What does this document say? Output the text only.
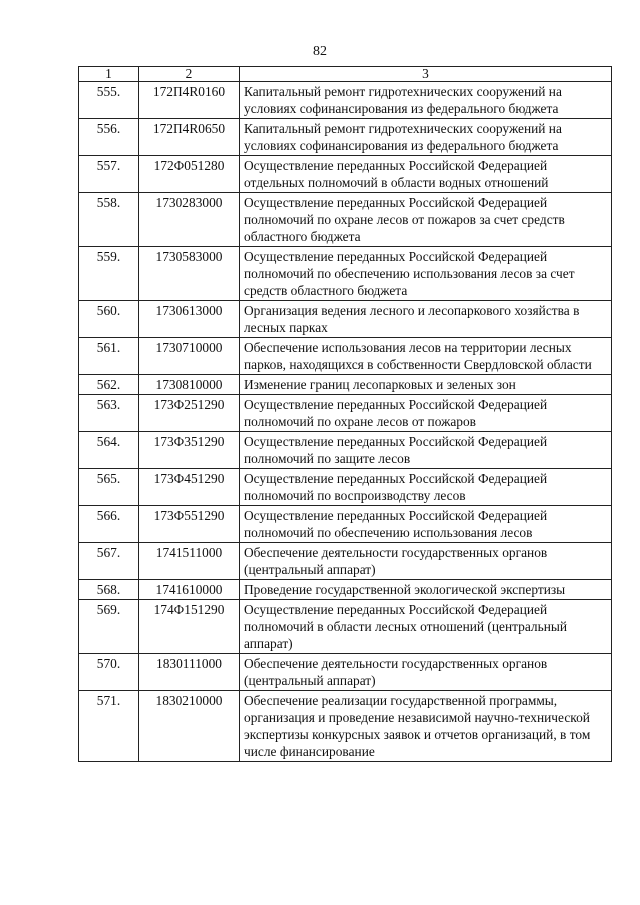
82
1	2	3
555.	172П4R0160	Капитальный ремонт гидротехнических сооружений на условиях софинансирования из федерального бюджета
556.	172П4R0650	Капитальный ремонт гидротехнических сооружений на условиях софинансирования из федерального бюджета
557.	172Ф051280	Осуществление переданных Российской Федерацией отдельных полномочий в области водных отношений
558.	1730283000	Осуществление переданных Российской Федерацией полномочий по охране лесов от пожаров за счет средств областного бюджета
559.	1730583000	Осуществление переданных Российской Федерацией полномочий по обеспечению использования лесов за счет средств областного бюджета
560.	1730613000	Организация ведения лесного и лесопаркового хозяйства в лесных парках
561.	1730710000	Обеспечение использования лесов на территории лесных парков, находящихся в собственности Свердловской области
562.	1730810000	Изменение границ лесопарковых и зеленых зон
563.	173Ф251290	Осуществление переданных Российской Федерацией полномочий по охране лесов от пожаров
564.	173Ф351290	Осуществление переданных Российской Федерацией полномочий по защите лесов
565.	173Ф451290	Осуществление переданных Российской Федерацией полномочий по воспроизводству лесов
566.	173Ф551290	Осуществление переданных Российской Федерацией полномочий по обеспечению использования лесов
567.	1741511000	Обеспечение деятельности государственных органов (центральный аппарат)
568.	1741610000	Проведение государственной экологической экспертизы
569.	174Ф151290	Осуществление переданных Российской Федерацией полномочий в области лесных отношений (центральный аппарат)
570.	1830111000	Обеспечение деятельности государственных органов (центральный аппарат)
571.	1830210000	Обеспечение реализации государственной программы, организация и проведение независимой научно-технической экспертизы конкурсных заявок и отчетов организаций, в том числе финансирование
